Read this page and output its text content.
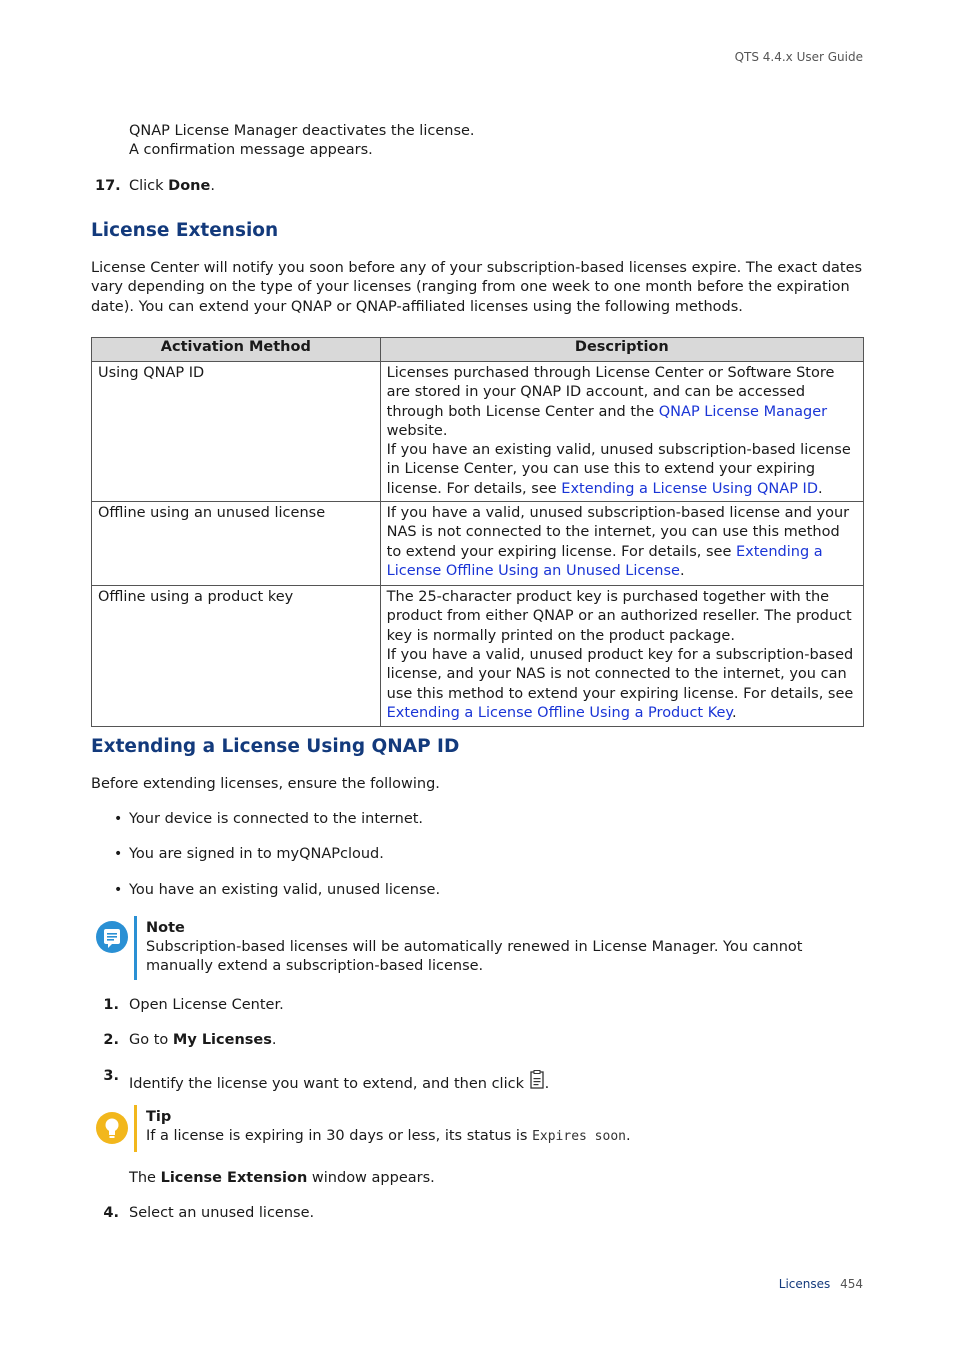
QTS 4.4.x User Guide
QNAP License Manager deactivates the license.
A confirmation message appears.
17. Click Done.
License Extension
License Center will notify you soon before any of your subscription-based licenses expire. The exact dates vary depending on the type of your licenses (ranging from one week to one month before the expiration date). You can extend your QNAP or QNAP-affiliated licenses using the following methods.
Activation Method	Description
Using QNAP ID	Licenses purchased through License Center or Software Store are stored in your QNAP ID account, and can be accessed through both License Center and the QNAP License Manager website.
If you have an existing valid, unused subscription-based license in License Center, you can use this to extend your expiring license. For details, see Extending a License Using QNAP ID.

Offline using an unused license	If you have a valid, unused subscription-based license and your NAS is not connected to the internet, you can use this method to extend your expiring license. For details, see Extending a License Offline Using an Unused License.

Offline using a product key	The 25-character product key is purchased together with the product from either QNAP or an authorized reseller. The product key is normally printed on the product package.
If you have a valid, unused product key for a subscription-based license, and your NAS is not connected to the internet, you can use this method to extend your expiring license. For details, see Extending a License Offline Using a Product Key.
Extending a License Using QNAP ID
Before extending licenses, ensure the following.
• Your device is connected to the internet.
• You are signed in to myQNAPcloud.
• You have an existing valid, unused license.
Note
Subscription-based licenses will be automatically renewed in License Manager. You cannot manually extend a subscription-based license.
1. Open License Center.
2. Go to My Licenses.
3. Identify the license you want to extend, and then click .
Tip
If a license is expiring in 30 days or less, its status is Expires soon.
The License Extension window appears.
4. Select an unused license.
Licenses 454
